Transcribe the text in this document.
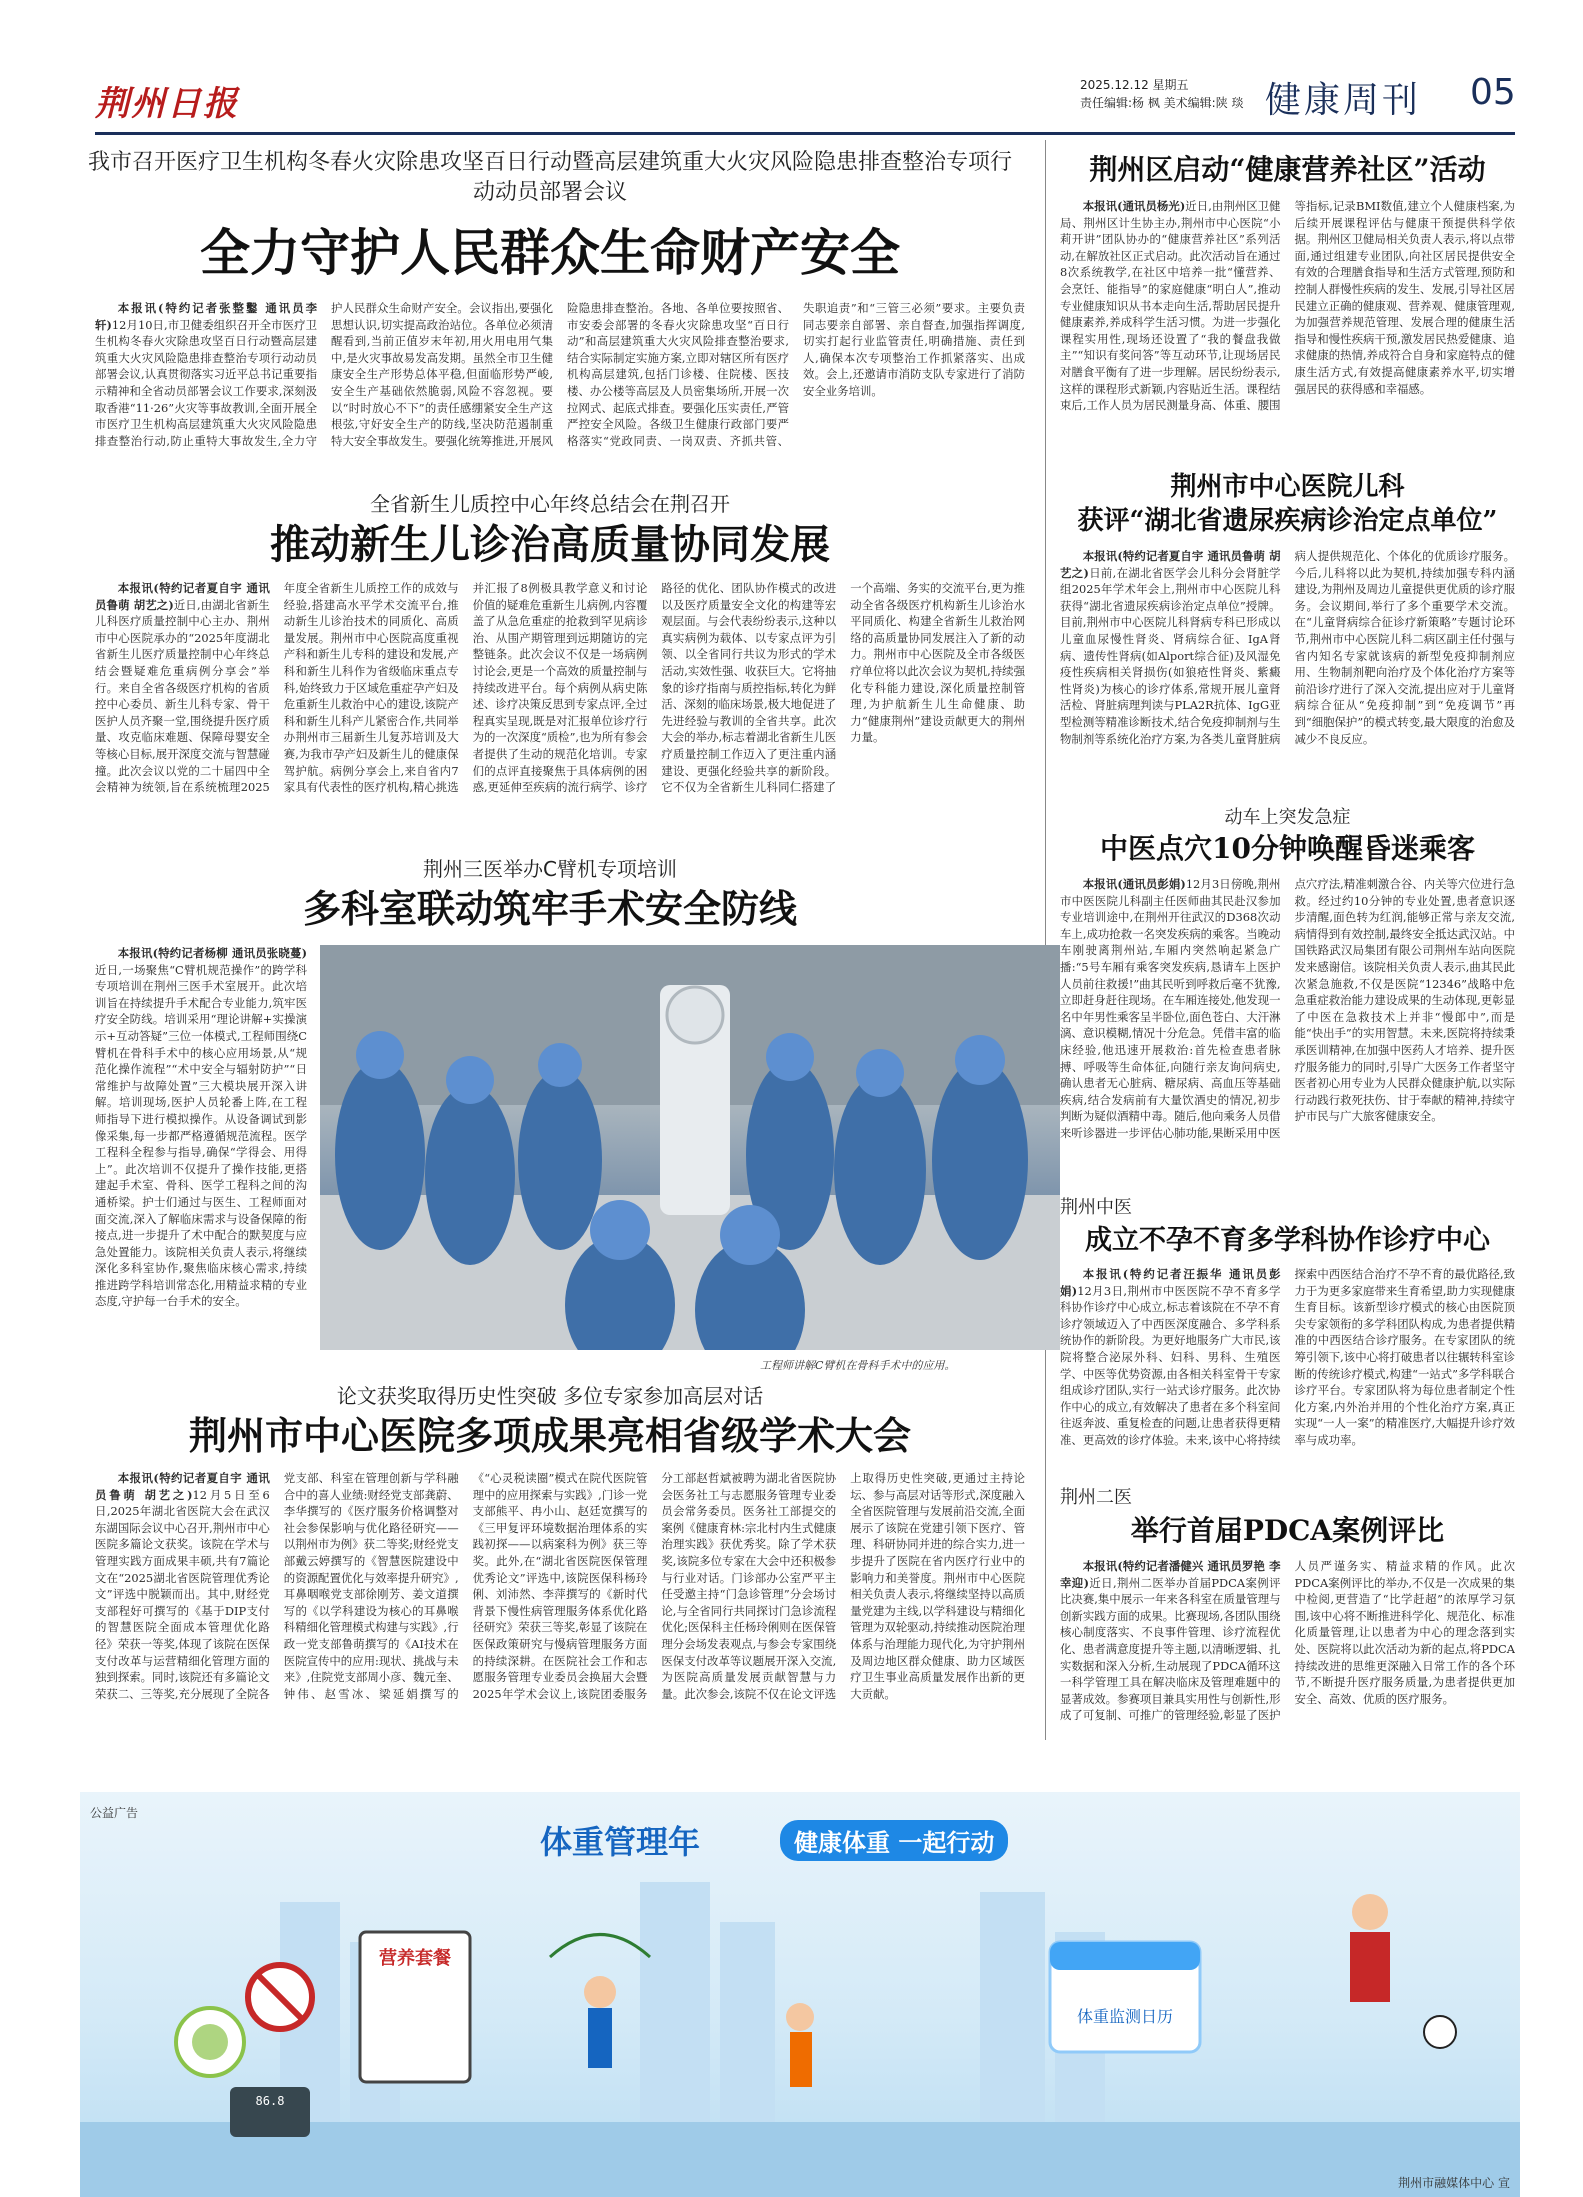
荆州日报	2025.12.12 星期五
责任编辑:杨 枫 美术编辑:陕 琰 健康周刊 05
我市召开医疗卫生机构冬春火灾除患攻坚百日行动暨高层建筑重大火灾风险隐患排查整治专项行动动员部署会议
全力守护人民群众生命财产安全

本报讯(特约记者张整鑿 通讯员李轩)12月10日,市卫健委组织召开全市医疗卫生机构冬春火灾除患攻坚百日行动暨高层建筑重大火灾风险隐患排查整治专项行动动员部署会议,认真贯彻落实习近平总书记重要指示精神和全省动员部署会议工作要求,深刻汲取香港“11·26”火灾等事故教训,全面开展全市医疗卫生机构高层建筑重大火灾风险隐患排查整治行动,防止重特大事故发生,全力守护人民群众生命财产安全。会议指出,要强化思想认识,切实提高政治站位。各单位必须清醒看到,当前正值岁末年初,用火用电用气集中,是火灾事故易发高发期。虽然全市卫生健康安全生产形势总体平稳,但面临形势严峻,安全生产基础依然脆弱,风险不容忽视。要以“时时放心不下”的责任感绷紧安全生产这根弦,守好安全生产的防线,坚决防范遏制重特大安全事故发生。要强化统筹推进,开展风险隐患排查整治。各地、各单位要按照省、市安委会部署的冬春火灾除患攻坚“百日行动”和高层建筑重大火灾风险排查整治要求,结合实际制定实施方案,立即对辖区所有医疗机构高层建筑,包括门诊楼、住院楼、医技楼、办公楼等高层及人员密集场所,开展一次拉网式、起底式排查。要强化压实责任,严管严控安全风险。各级卫生健康行政部门要严格落实“党政同责、一岗双责、齐抓共管、失职追责”和“三管三必须”要求。主要负责同志要亲自部署、亲自督查,加强指挥调度,切实打起行业监管责任,明确措施、责任到人,确保本次专项整治工作抓紧落实、出成效。会上,还邀请市消防支队专家进行了消防安全业务培训。

全省新生儿质控中心年终总结会在荆召开
推动新生儿诊治高质量协同发展

本报讯(特约记者夏自宇 通讯员鲁萌 胡艺之)近日,由湖北省新生儿科医疗质量控制中心主办、荆州市中心医院承办的“2025年度湖北省新生儿医疗质量控制中心年终总结会暨疑难危重病例分享会”举行。来自全省各级医疗机构的省质控中心委员、新生儿科专家、骨干医护人员齐聚一堂,围绕提升医疗质量、攻克临床难题、保障母婴安全等核心目标,展开深度交流与智慧碰撞。此次会议以党的二十届四中全会精神为统领,旨在系统梳理2025年度全省新生儿质控工作的成效与经验,搭建高水平学术交流平台,推动新生儿诊治技术的同质化、高质量发展。荆州市中心医院高度重视产科和新生儿专科的建设和发展,产科和新生儿科作为省级临床重点专科,始终致力于区域危重症孕产妇及危重新生儿救治中心的建设,该院产科和新生儿科产儿紧密合作,共同举办荆州市三届新生儿复苏培训及大赛,为我市孕产妇及新生儿的健康保驾护航。病例分享会上,来自省内7家具有代表性的医疗机构,精心挑选并汇报了8例极具教学意义和讨论价值的疑难危重新生儿病例,内容覆盖了从急危重症的抢救到罕见病诊治、从围产期管理到远期随访的完整链条。此次会议不仅是一场病例讨论会,更是一个高效的质量控制与持续改进平台。每个病例从病史陈述、诊疗决策反思到专家点评,全过程真实呈现,既是对汇报单位诊疗行为的一次深度“质检”,也为所有参会者提供了生动的规范化培训。专家们的点评直接聚焦于具体病例的困惑,更延伸至疾病的流行病学、诊疗路径的优化、团队协作模式的改进以及医疗质量安全文化的构建等宏观层面。与会代表纷纷表示,这种以真实病例为载体、以专家点评为引领、以全省同行共议为形式的学术活动,实效性强、收获巨大。它将抽象的诊疗指南与质控指标,转化为鲜活、深刻的临床场景,极大地促进了先进经验与教训的全省共享。此次大会的举办,标志着湖北省新生儿医疗质量控制工作迈入了更注重内涵建设、更强化经验共享的新阶段。它不仅为全省新生儿科同仁搭建了一个高端、务实的交流平台,更为推动全省各级医疗机构新生儿诊治水平同质化、构建全省新生儿救治网络的高质量协同发展注入了新的动力。荆州市中心医院及全市各级医疗单位将以此次会议为契机,持续强化专科能力建设,深化质量控制管理,为护航新生儿生命健康、助力“健康荆州”建设贡献更大的荆州力量。

荆州三医举办C臂机专项培训
多科室联动筑牢手术安全防线

本报讯(特约记者杨柳 通讯员张晓蔓)近日,一场聚焦“C臂机规范操作”的跨学科专项培训在荆州三医手术室展开。此次培训旨在持续提升手术配合专业能力,筑牢医疗安全防线。培训采用“理论讲解+实操演示+互动答疑”三位一体模式,工程师围绕C臂机在骨科手术中的核心应用场景,从“规范化操作流程”“术中安全与辐射防护”“日常维护与故障处置”三大模块展开深入讲解。培训现场,医护人员轮番上阵,在工程师指导下进行模拟操作。从设备调试到影像采集,每一步都严格遵循规范流程。医学工程科全程参与指导,确保“学得会、用得上”。此次培训不仅提升了操作技能,更搭建起手术室、骨科、医学工程科之间的沟通桥梁。护士们通过与医生、工程师面对面交流,深入了解临床需求与设备保障的衔接点,进一步提升了术中配合的默契度与应急处置能力。该院相关负责人表示,将继续深化多科室协作,聚焦临床核心需求,持续推进跨学科培训常态化,用精益求精的专业态度,守护每一台手术的安全。

工程师讲解C臂机在骨科手术中的应用。
论文获奖取得历史性突破 多位专家参加高层对话
荆州市中心医院多项成果亮相省级学术大会

本报讯(特约记者夏自宇 通讯员鲁萌 胡艺之)12月5日至6日,2025年湖北省医院大会在武汉东湖国际会议中心召开,荆州市中心医院多篇论文获奖。该院在学术与管理实践方面成果丰硕,共有7篇论文在“2025湖北省医院管理优秀论文”评选中脱颖而出。其中,财经党支部程好可撰写的《基于DIP支付的智慧医院全面成本管理优化路径》荣获一等奖,体现了该院在医保支付改革与运营精细化管理方面的独到探索。同时,该院还有多篇论文荣获二、三等奖,充分展现了全院各党支部、科室在管理创新与学科融合中的喜人业绩:财经党支部龚蔚、李华撰写的《医疗服务价格调整对社会参保影响与优化路径研究——以荆州市为例》获二等奖;财经党支部戴云婷撰写的《智慧医院建设中的资源配置优化与效率提升研究》,耳鼻咽喉党支部徐刚芳、姜文道撰写的《以学科建设为核心的耳鼻喉科精细化管理模式构建与实践》,行政一党支部鲁萌撰写的《AI技术在医院宣传中的应用:现状、挑战与未来》,住院党支部周小彦、魏元奎、钟伟、赵雪冰、梁延娟撰写的《“心灵税读圈”模式在院代医院管理中的应用探索与实践》,门诊一党支部熊平、冉小山、赵廷宽撰写的《三甲复评环境数据治理体系的实践初探——以病案科为例》获三等奖。此外,在“湖北省医院医保管理优秀论文”评选中,该院医保科杨玲俐、刘沛然、李萍撰写的《新时代背景下慢性病管理服务体系优化路径研究》荣获三等奖,彰显了该院在医保政策研究与慢病管理服务方面的持续深耕。在医院社会工作和志愿服务管理专业委员会换届大会暨2025年学术会议上,该院团委服务分工部赵哲斌被聘为湖北省医院协会医务社工与志愿服务管理专业委员会常务委员。医务社工部提交的案例《健康育林:宗北村内生式健康治理实践》获优秀奖。除了学术获奖,该院多位专家在大会中还积极参与行业对话。门诊部办公室严平主任受邀主持“门急诊管理”分会场讨论,与全省同行共同探讨门急诊流程优化;医保科主任杨玲俐则在医保管理分会场发表观点,与参会专家围绕医保支付改革等议题展开深入交流,为医院高质量发展贡献智慧与力量。此次参会,该院不仅在论文评选上取得历史性突破,更通过主持论坛、参与高层对话等形式,深度融入全省医院管理与发展前沿交流,全面展示了该院在党建引领下医疗、管理、科研协同并进的综合实力,进一步提升了医院在省内医疗行业中的影响力和美誉度。荆州市中心医院相关负责人表示,将继续坚持以高质量党建为主线,以学科建设与精细化管理为双轮驱动,持续推动医院治理体系与治理能力现代化,为守护荆州及周边地区群众健康、助力区域医疗卫生事业高质量发展作出新的更大贡献。

荆州区启动“健康营养社区”活动

本报讯(通讯员杨光)近日,由荆州区卫健局、荆州区计生协主办,荆州市中心医院“小莉开讲”团队协办的“健康营养社区”系列活动,在解放社区正式启动。此次活动旨在通过8次系统教学,在社区中培养一批“懂营养、会烹饪、能指导”的家庭健康“明白人”,推动专业健康知识从书本走向生活,帮助居民提升健康素养,养成科学生活习惯。为进一步强化课程实用性,现场还设置了“我的餐盘我做主”“知识有奖问答”等互动环节,让现场居民对膳食平衡有了进一步理解。居民纷纷表示,这样的课程形式新颖,内容贴近生活。课程结束后,工作人员为居民测量身高、体重、腰围等指标,记录BMI数值,建立个人健康档案,为后续开展课程评估与健康干预提供科学依据。荆州区卫健局相关负责人表示,将以点带面,通过组建专业团队,向社区居民提供安全有效的合理膳食指导和生活方式管理,预防和控制人群慢性疾病的发生、发展,引导社区居民建立正确的健康观、营养观、健康管理观,为加强营养规范管理、发展合理的健康生活指导和慢性疾病干预,激发居民热爱健康、追求健康的热情,养成符合自身和家庭特点的健康生活方式,有效提高健康素养水平,切实增强居民的获得感和幸福感。

荆州市中心医院儿科
获评“湖北省遗尿疾病诊治定点单位”

本报讯(特约记者夏自宇 通讯员鲁萌 胡艺之)日前,在湖北省医学会儿科分会肾脏学组2025年学术年会上,荆州市中心医院儿科获得“湖北省遗尿疾病诊治定点单位”授牌。目前,荆州市中心医院儿科肾病专科已形成以儿童血尿慢性肾炎、肾病综合征、IgA肾病、遗传性肾病(如Alport综合征)及风湿免疫性疾病相关肾损伤(如狼疮性肾炎、紫癜性肾炎)为核心的诊疗体系,常规开展儿童肾活检、肾脏病理判读与PLA2R抗体、IgG亚型检测等精准诊断技术,结合免疫抑制剂与生物制剂等系统化治疗方案,为各类儿童肾脏病病人提供规范化、个体化的优质诊疗服务。今后,儿科将以此为契机,持续加强专科内涵建设,为荆州及周边儿童提供更优质的诊疗服务。会议期间,举行了多个重要学术交流。在“儿童肾病综合征诊疗新策略”专题讨论环节,荆州市中心医院儿科二病区副主任付强与省内知名专家就该病的新型免疫抑制剂应用、生物制剂靶向治疗及个体化治疗方案等前沿诊疗进行了深入交流,提出应对于儿童肾病综合征从“免疫抑制”到“免疫调节”再到“细胞保护”的模式转变,最大限度的治愈及减少不良反应。

动车上突发急症
中医点穴10分钟唤醒昏迷乘客

本报讯(通讯员彭娟)12月3日傍晚,荆州市中医医院儿科副主任医师曲其民赴汉参加专业培训途中,在荆州开往武汉的D368次动车上,成功抢救一名突发疾病的乘客。当晚动车刚驶离荆州站,车厢内突然响起紧急广播:“5号车厢有乘客突发疾病,恳请车上医护人员前往救援!”曲其民听到呼救后毫不犹豫,立即赶身赶往现场。在车厢连接处,他发现一名中年男性乘客呈半卧位,面色苍白、大汗淋漓、意识模糊,情况十分危急。凭借丰富的临床经验,他迅速开展救治:首先检查患者脉搏、呼吸等生命体征,向随行亲友询问病史,确认患者无心脏病、糖尿病、高血压等基础疾病,结合发病前有大量饮酒史的情况,初步判断为疑似酒精中毒。随后,他向乘务人员借来听诊器进一步评估心肺功能,果断采用中医点穴疗法,精准刺激合谷、内关等穴位进行急救。经过约10分钟的专业处置,患者意识逐步清醒,面色转为红润,能够正常与亲友交流,病情得到有效控制,最终安全抵达武汉站。中国铁路武汉局集团有限公司荆州车站向医院发来感谢信。该院相关负责人表示,曲其民此次紧急施救,不仅是医院“12346”战略中危急重症救治能力建设成果的生动体现,更彰显了中医在急救技术上并非“慢郎中”,而是能“快出手”的实用智慧。未来,医院将持续秉承医训精神,在加强中医药人才培养、提升医疗服务能力的同时,引导广大医务工作者坚守医者初心用专业为人民群众健康护航,以实际行动践行救死扶伤、甘于奉献的精神,持续守护市民与广大旅客健康安全。

荆州中医
成立不孕不育多学科协作诊疗中心

本报讯(特约记者汪振华 通讯员彭娟)12月3日,荆州市中医医院不孕不育多学科协作诊疗中心成立,标志着该院在不孕不育诊疗领域迈入了中西医深度融合、多学科系统协作的新阶段。为更好地服务广大市民,该院将整合泌尿外科、妇科、男科、生殖医学、中医等优势资源,由各相关科室骨干专家组成诊疗团队,实行一站式诊疗服务。此次协作中心的成立,有效解决了患者在多个科室间往返奔波、重复检查的问题,让患者获得更精准、更高效的诊疗体验。未来,该中心将持续探索中西医结合治疗不孕不育的最优路径,致力于为更多家庭带来生育希望,助力实现健康生育目标。该新型诊疗模式的核心由医院顶尖专家领衔的多学科团队构成,为患者提供精准的中西医结合诊疗服务。在专家团队的统筹引领下,该中心将打破患者以往辗转科室诊断的传统诊疗模式,构建“一站式”多学科联合诊疗平台。专家团队将为每位患者制定个性化方案,内外治并用的个性化治疗方案,真正实现“一人一案”的精准医疗,大幅提升诊疗效率与成功率。

荆州二医
举行首届PDCA案例评比

本报讯(特约记者潘健兴 通讯员罗艳 李幸迎)近日,荆州二医举办首届PDCA案例评比决赛,集中展示一年来各科室在质量管理与创新实践方面的成果。比赛现场,各团队围绕核心制度落实、不良事件管理、诊疗流程优化、患者满意度提升等主题,以清晰逻辑、扎实数据和深入分析,生动展现了PDCA循环这一科学管理工具在解决临床及管理难题中的显著成效。参赛项目兼具实用性与创新性,形成了可复制、可推广的管理经验,彰显了医护人员严谨务实、精益求精的作风。此次PDCA案例评比的举办,不仅是一次成果的集中检阅,更营造了“比学赶超”的浓厚学习氛围,该中心将不断推进科学化、规范化、标准化质量管理,让以患者为中心的理念落到实处、医院将以此次活动为新的起点,将PDCA持续改进的思维更深融入日常工作的各个环节,不断提升医疗服务质量,为患者提供更加安全、高效、优质的医疗服务。

公益广告
体重管理年	健康体重 一起行动
营养套餐
86.8
体重监测日历
荆州市融媒体中心 宣
